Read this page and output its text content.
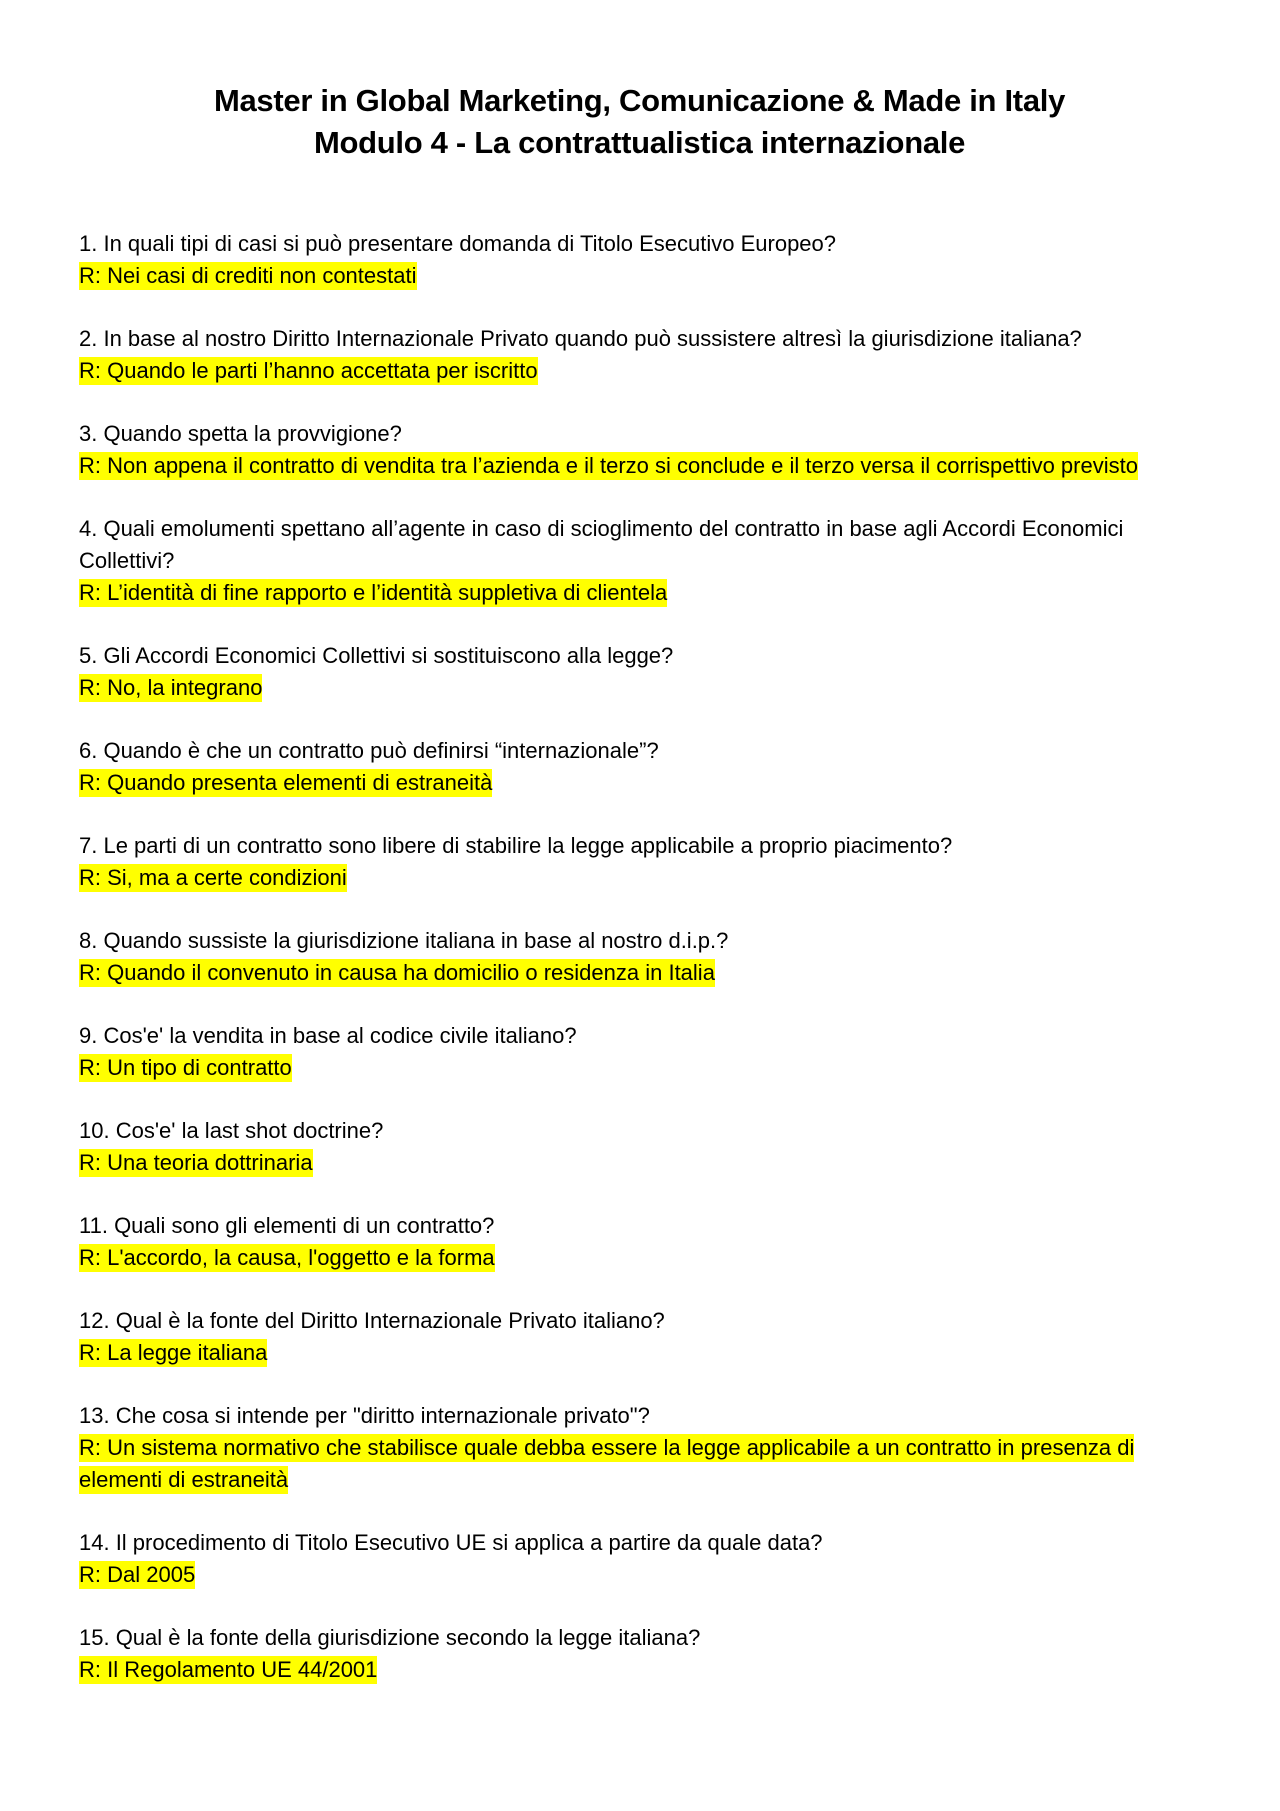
Master in Global Marketing, Comunicazione & Made in Italy
Modulo 4 - La contrattualistica internazionale
1. In quali tipi di casi si può presentare domanda di Titolo Esecutivo Europeo?
R: Nei casi di crediti non contestati
2. In base al nostro Diritto Internazionale Privato quando può sussistere altresì la giurisdizione italiana?
R: Quando le parti l’hanno accettata per iscritto
3. Quando spetta la provvigione?
R: Non appena il contratto di vendita tra l’azienda e il terzo si conclude e il terzo versa il corrispettivo previsto
4. Quali emolumenti spettano all’agente in caso di scioglimento del contratto in base agli Accordi Economici Collettivi?
R: L’identità di fine rapporto e l’identità suppletiva di clientela
5. Gli Accordi Economici Collettivi si sostituiscono alla legge?
R: No, la integrano
6. Quando è che un contratto può definirsi “internazionale”?
R: Quando presenta elementi di estraneità
7. Le parti di un contratto sono libere di stabilire la legge applicabile a proprio piacimento?
R: Si, ma a certe condizioni
8. Quando sussiste la giurisdizione italiana in base al nostro d.i.p.?
R: Quando il convenuto in causa ha domicilio o residenza in Italia
9. Cos'e' la vendita in base al codice civile italiano?
R: Un tipo di contratto
10. Cos'e' la last shot doctrine?
R: Una teoria dottrinaria
11. Quali sono gli elementi di un contratto?
R: L'accordo, la causa, l'oggetto e la forma
12. Qual è la fonte del Diritto Internazionale Privato italiano?
R: La legge italiana
13. Che cosa si intende per "diritto internazionale privato"?
R: Un sistema normativo che stabilisce quale debba essere la legge applicabile a un contratto in presenza di elementi di estraneità
14. Il procedimento di Titolo Esecutivo UE si applica a partire da quale data?
R: Dal 2005
15. Qual è la fonte della giurisdizione secondo la legge italiana?
R: Il Regolamento UE 44/2001
